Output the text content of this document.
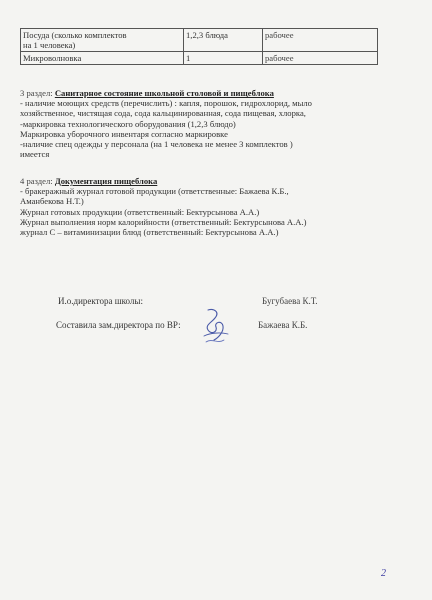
Посуда (сколько комплектов
на 1 человека)	1,2,3 блюда	рабочее
Микроволновка	1	рабочее
3 раздел: Санитарное состояние школьной столовой и пищеблока
- наличие моющих средств (перечислить) : капля, порошок, гидрохлорид, мыло
хозяйственное, чистящая сода, сода кальцинированная, сода пищевая, хлорка,
-маркировка технологического оборудования (1,2,3 блюдо)
Маркировка уборочного инвентаря согласно маркировке
-наличие спец одежды у персонала (на 1 человека не менее 3 комплектов )
имеется
4 раздел: Документация пищеблока
- бракеражный журнал готовой продукции (ответственные: Бажаева К.Б.,
Аманбекова Н.Т.)
Журнал готовых продукции (ответственный: Бектурсынова А.А.)
Журнал выполнения норм калорийности (ответственный: Бектурсынова А.А.)
журнал С – витаминизации блюд (ответственный: Бектурсынова А.А.)
И.о.директора школы:	Бугубаева К.Т.
Составила зам.директора по ВР:	Бажаева К.Б.
2
